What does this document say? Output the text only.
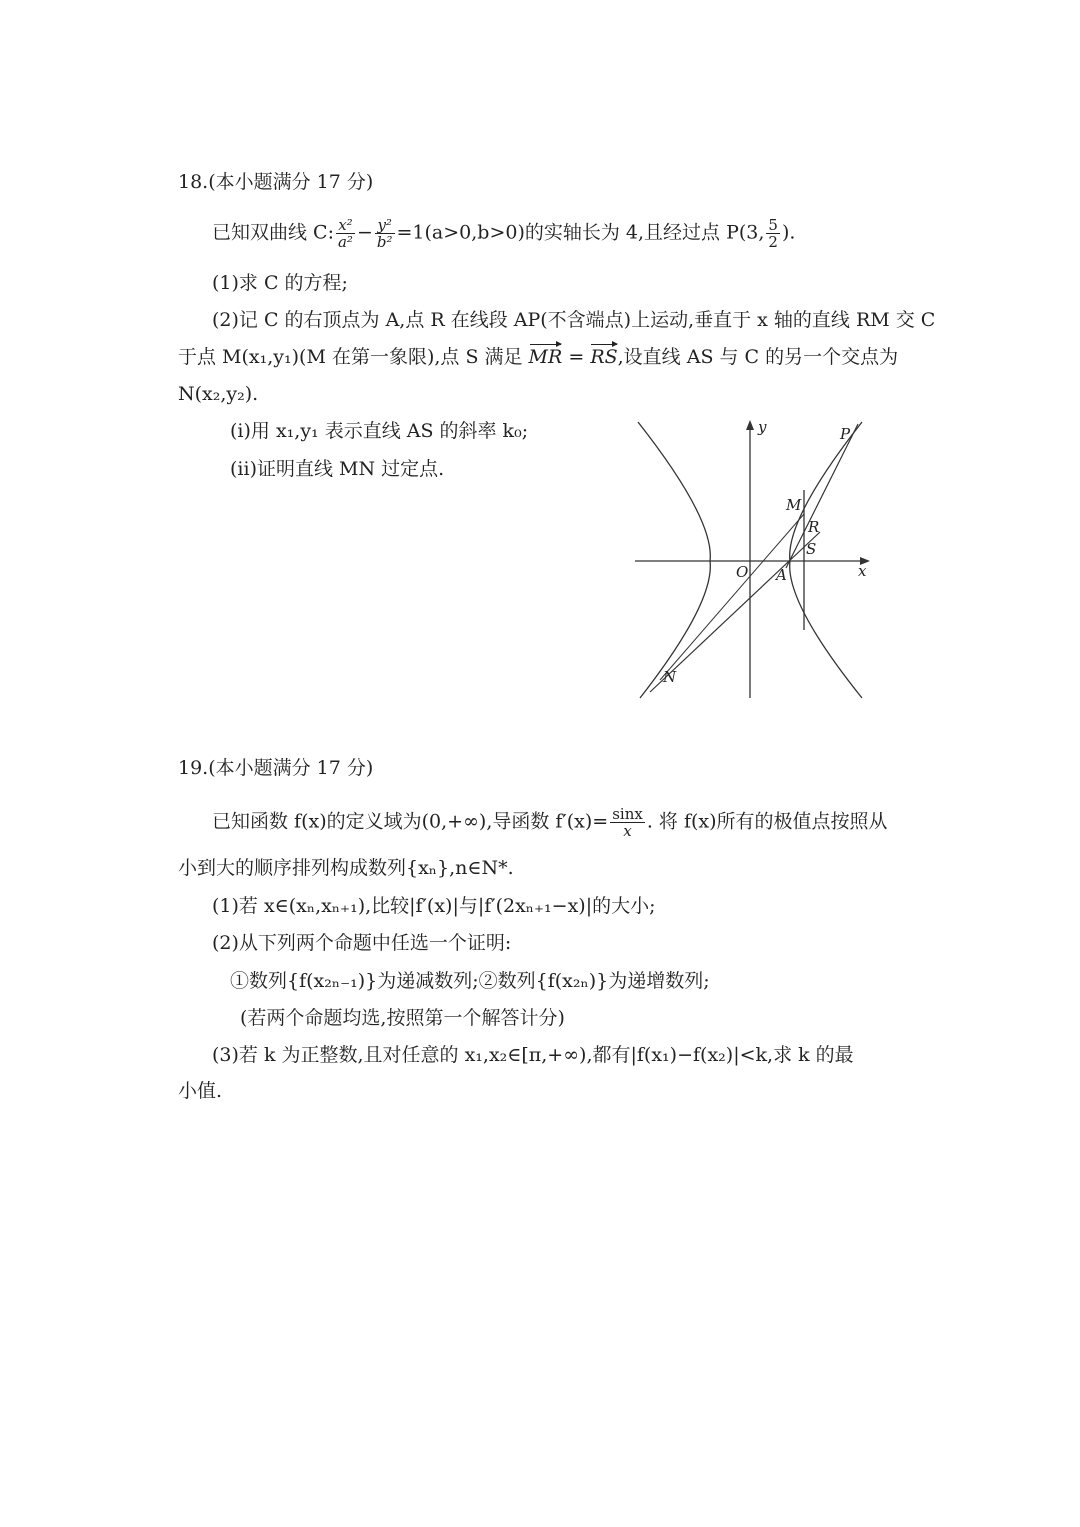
18.(本小题满分 17 分)
已知双曲线 C: $\frac{\text{x²}}{\text{a²}} - \frac{\text{y²}}{\text{b²}} =1(a>0,b>0)$的实轴长为 4,且经过点 P(3, $\frac{5}{2}$ ).
(1)求 C 的方程;
(2)记 C 的右顶点为 A,点 R 在线段 AP(不含端点)上运动,垂直于 x 轴的直线 RM 交 C
于点 M(x₁,y₁)(M 在第一象限),点 S 满足 MR = RS,设直线 AS 与 C 的另一个交点为
N(x₂,y₂).
(i)用 x₁,y₁ 表示直线 AS 的斜率 k₀;
(ii)证明直线 MN 过定点.
y
x
O A
P
M
R
S
N
19.(本小题满分 17 分)
已知函数 f(x)的定义域为(0,+∞),导函数 $f'(x)= \frac{\sin x}{x}$ . 将 f(x)所有的极值点按照从
小到大的顺序排列构成数列{xₙ},n∈N*.
(1)若 x∈(xₙ,xₙ₊₁),比较|f′(x)|与|f′(2xₙ₊₁−x)|的大小;
(2)从下列两个命题中任选一个证明:
①数列{f(x₂ₙ₋₁)}为递减数列;②数列{f(x₂ₙ)}为递增数列;
(若两个命题均选,按照第一个解答计分)
(3)若 k 为正整数,且对任意的 x₁,x₂∈[π,+∞),都有|f(x₁)−f(x₂)|<k,求 k 的最
小值.
